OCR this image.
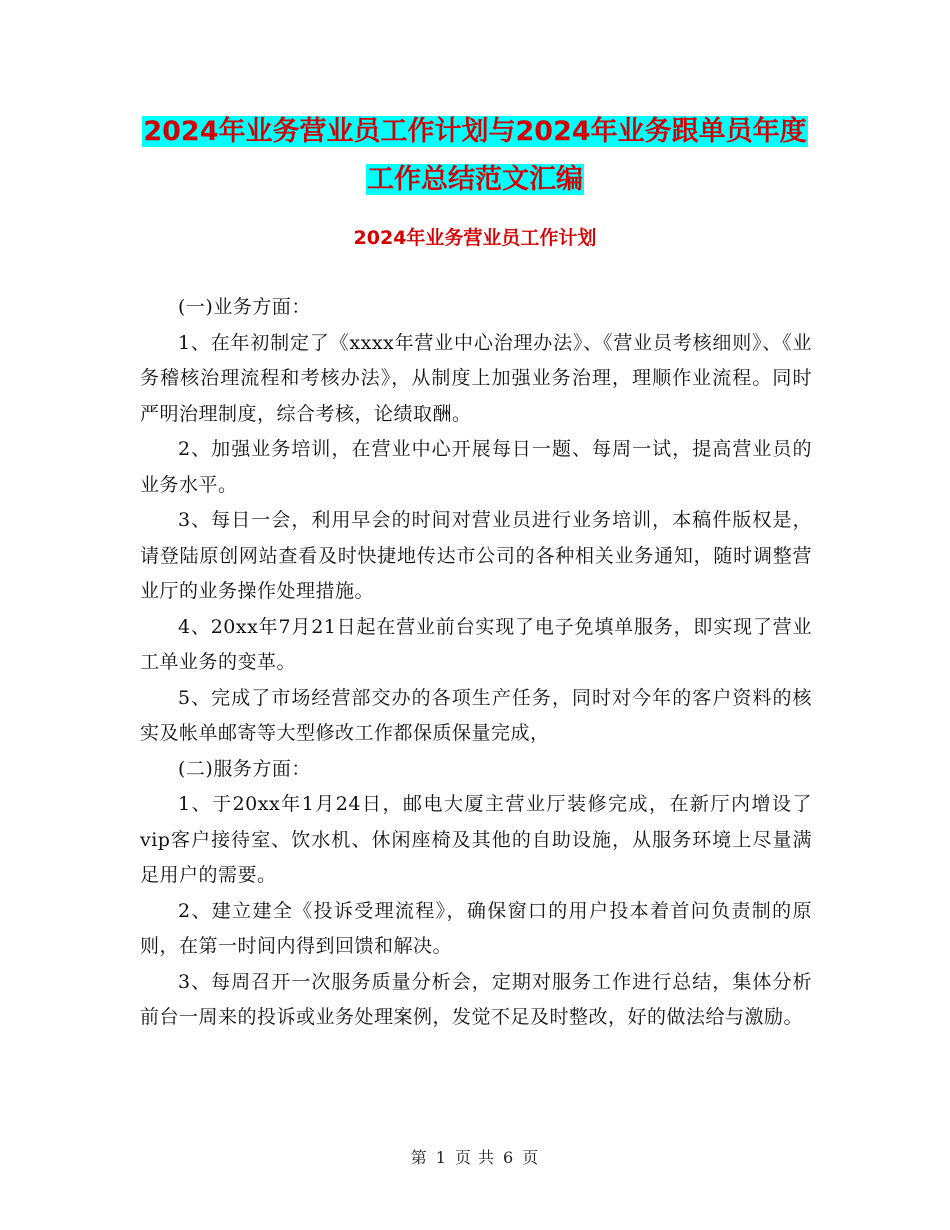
2024年业务营业员工作计划与2024年业务跟单员年度
工作总结范文汇编
2024年业务营业员工作计划

(一)业务方面：

1、在年初制定了《xxxx年营业中心治理办法》、《营业员考核细则》、《业务稽核治理流程和考核办法》，从制度上加强业务治理，理顺作业流程。同时严明治理制度，综合考核，论绩取酬。

2、加强业务培训，在营业中心开展每日一题、每周一试，提高营业员的业务水平。

3、每日一会，利用早会的时间对营业员进行业务培训，本稿件版权是，请登陆原创网站查看及时快捷地传达市公司的各种相关业务通知，随时调整营业厅的业务操作处理措施。

4、20xx年7月21日起在营业前台实现了电子免填单服务，即实现了营业工单业务的变革。

5、完成了市场经营部交办的各项生产任务，同时对今年的客户资料的核实及帐单邮寄等大型修改工作都保质保量完成，

(二)服务方面：

1、于20xx年1月24日，邮电大厦主营业厅装修完成，在新厅内增设了vip客户接待室、饮水机、休闲座椅及其他的自助设施，从服务环境上尽量满足用户的需要。

2、建立建全《投诉受理流程》，确保窗口的用户投本着首问负责制的原则，在第一时间内得到回馈和解决。

3、每周召开一次服务质量分析会，定期对服务工作进行总结，集体分析前台一周来的投诉或业务处理案例，发觉不足及时整改，好的做法给与激励。

第 1 页 共 6 页
